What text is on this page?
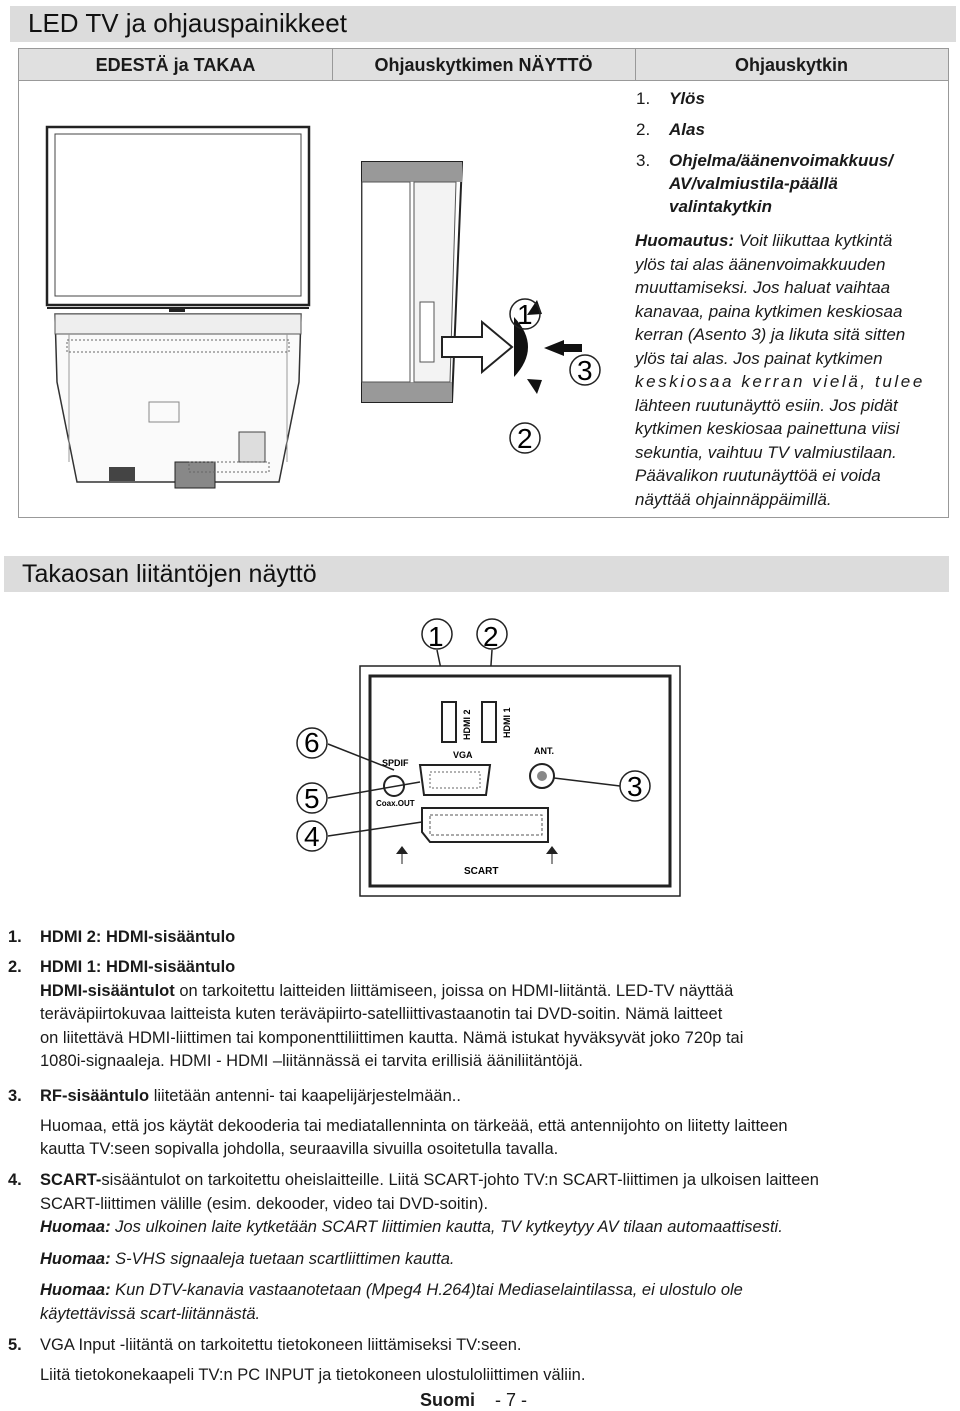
LED TV ja ohjauspainikkeet
EDESTÄ ja TAKAA	Ohjauskytkimen NÄYTTÖ	Ohjauskytkin
1
2
3
1. Ylös
2. Alas
3. Ohjelma/äänenvoimakkuus/ AV/valmiustila-päällä valintakytkin
Huomautus: Voit liikuttaa kytkintä
ylös tai alas äänenvoimakkuuden
muuttamiseksi. Jos haluat vaihtaa
kanavaa, paina kytkimen keskiosaa
kerran (Asento 3) ja likuta sitä sitten
ylös tai alas. Jos painat kytkimen
keskiosaa kerran vielä, tulee
lähteen ruutunäyttö esiin. Jos pidät
kytkimen keskiosaa painettuna viisi
sekuntia, vaihtuu TV valmiustilaan.
Päävalikon ruutunäyttöä ei voida
näyttää ohjainnäppäimillä.
Takaosan liitäntöjen näyttö
1 2
HDMI 2	HDMI 1
VGA	ANT.
SPDIF
Coax.OUT
SCART
6
5
4
3
1. HDMI 2: HDMI-sisääntulo
2. HDMI 1: HDMI-sisääntulo
HDMI-sisääntulot on tarkoitettu laitteiden liittämiseen, joissa on HDMI-liitäntä. LED-TV näyttää
teräväpiirtokuvaa laitteista kuten teräväpiirto-satelliittivastaanotin tai DVD-soitin. Nämä laitteet
on liitettävä HDMI-liittimen tai komponenttiliittimen kautta. Nämä istukat hyväksyvät joko 720p tai
1080i-signaaleja. HDMI - HDMI –liitännässä ei tarvita erillisiä ääniliitäntöjä.
3. RF-sisääntulo liitetään antenni- tai kaapelijärjestelmään..
Huomaa, että jos käytät dekooderia tai mediatallenninta on tärkeää, että antennijohto on liitetty laitteen
kautta TV:seen sopivalla johdolla, seuraavilla sivuilla osoitetulla tavalla.
4. SCART-sisääntulot on tarkoitettu oheislaitteille. Liitä SCART-johto TV:n SCART-liittimen ja ulkoisen laitteen
SCART-liittimen välille (esim. dekooder, video tai DVD-soitin).
Huomaa: Jos ulkoinen laite kytketään SCART liittimien kautta, TV kytkeytyy AV tilaan automaattisesti.
Huomaa: S-VHS signaaleja tuetaan scartliittimen kautta.
Huomaa: Kun DTV-kanavia vastaanotetaan (Mpeg4 H.264)tai Mediaselaintilassa, ei ulostulo ole
käytettävissä scart-liitännästä.
5. VGA Input -liitäntä on tarkoitettu tietokoneen liittämiseksi TV:seen.
Liitä tietokonekaapeli TV:n PC INPUT ja tietokoneen ulostuloliittimen väliin.
Suomi - 7 -
